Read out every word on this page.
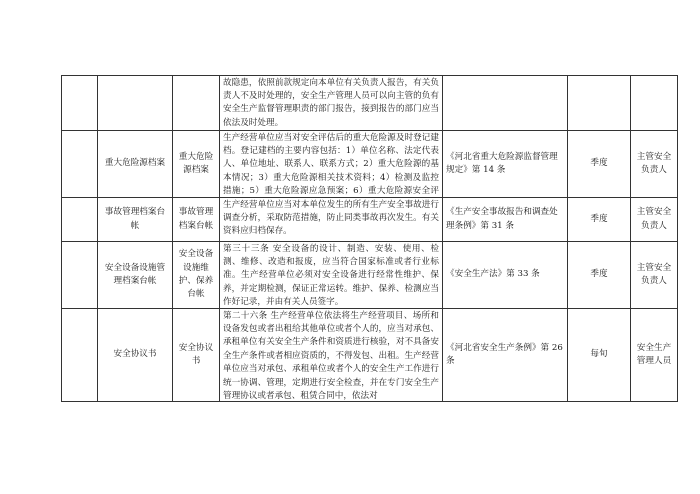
			故隐患，依照前款规定向本单位有关负责人报告，有关负责人不及时处理的，安全生产管理人员可以向主管的负有安全生产监督管理职责的部门报告，接到报告的部门应当依法及时处理。			

	重大危险源档案	重大危险源档案	生产经营单位应当对安全评估后的重大危险源及时登记建档。登记建档的主要内容包括：1）单位名称、法定代表人、单位地址、联系人、联系方式；2）重大危险源的基本情况；3）重大危险源相关技术资料；4）检测及监控措施；5）重大危险源应急预案；6）重大危险源安全评	《河北省重大危险源监督管理规定》第 14 条	季度	主管安全负责人
	事故管理档案台帐	事故管理档案台帐	生产经营单位应当对本单位发生的所有生产安全事故进行调查分析，采取防范措施，防止同类事故再次发生。有关资料应归档保存。	《生产安全事故报告和调查处理条例》第 31 条	季度	主管安全负责人
	安全设备设施管理档案台帐	安全设备设施维护、保养台帐	第三十三条 安全设备的设计、制造、安装、使用、检测、维修、改造和报废，应当符合国家标准或者行业标准。生产经营单位必须对安全设备进行经常性维护、保养，并定期检测，保证正常运转。维护、保养、检测应当作好记录，并由有关人员签字。	《安全生产法》第 33 条	季度	主管安全负责人
	安全协议书	安全协议书	第二十六条 生产经营单位依法将生产经营项目、场所和设备发包或者出租给其他单位或者个人的，应当对承包、承租单位有关安全生产条件和资质进行核验，对不具备安全生产条件或者相应资质的，不得发包、出租。生产经营单位应当对承包、承租单位或者个人的安全生产工作进行统一协调、管理，定期进行安全检查，并在专门安全生产管理协议或者承包、租赁合同中，依法对	《河北省安全生产条例》第 26 条	每旬	安全生产管理人员
